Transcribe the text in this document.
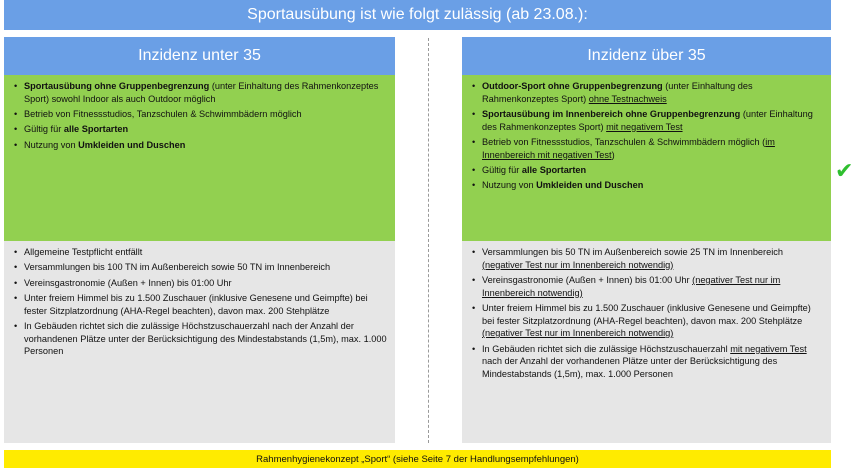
Sportausübung ist wie folgt zulässig (ab 23.08.):
Inzidenz unter 35	Inzidenz über 35
• Sportausübung ohne Gruppenbegrenzung (unter Einhaltung des Rahmenkonzeptes Sport) sowohl Indoor als auch Outdoor möglich
• Betrieb von Fitnessstudios, Tanzschulen & Schwimmbädern möglich
• Gültig für alle Sportarten
• Nutzung von Umkleiden und Duschen
• Allgemeine Testpflicht entfällt
• Versammlungen bis 100 TN im Außenbereich sowie 50 TN im Innenbereich
• Vereinsgastronomie (Außen + Innen) bis 01:00 Uhr
• Unter freiem Himmel bis zu 1.500 Zuschauer (inklusive Genesene und Geimpfte) bei fester Sitzplatzordnung (AHA-Regel beachten), davon max. 200 Stehplätze
• In Gebäuden richtet sich die zulässige Höchstzuschauerzahl nach der Anzahl der vorhandenen Plätze unter der Berücksichtigung des Mindestabstands (1,5m), max. 1.000 Personen
• Outdoor-Sport ohne Gruppenbegrenzung (unter Einhaltung des Rahmenkonzeptes Sport) ohne Testnachweis
• Sportausübung im Innenbereich ohne Gruppenbegrenzung (unter Einhaltung des Rahmenkonzeptes Sport) mit negativem Test
• Betrieb von Fitnessstudios, Tanzschulen & Schwimmbädern möglich (im Innenbereich mit negativen Test)
• Gültig für alle Sportarten
• Nutzung von Umkleiden und Duschen
• Versammlungen bis 50 TN im Außenbereich sowie 25 TN im Innenbereich (negativer Test nur im Innenbereich notwendig)
• Vereinsgastronomie (Außen + Innen) bis 01:00 Uhr (negativer Test nur im Innenbereich notwendig)
• Unter freiem Himmel bis zu 1.500 Zuschauer (inklusive Genesene und Geimpfte) bei fester Sitzplatzordnung (AHA-Regel beachten), davon max. 200 Stehplätze (negativer Test nur im Innenbereich notwendig)
• In Gebäuden richtet sich die zulässige Höchstzuschauerzahl mit negativem Test nach der Anzahl der vorhandenen Plätze unter der Berücksichtigung des Mindestabstands (1,5m), max. 1.000 Personen
✔
Rahmenhygienekonzept „Sport“ (siehe Seite 7 der Handlungsempfehlungen)
